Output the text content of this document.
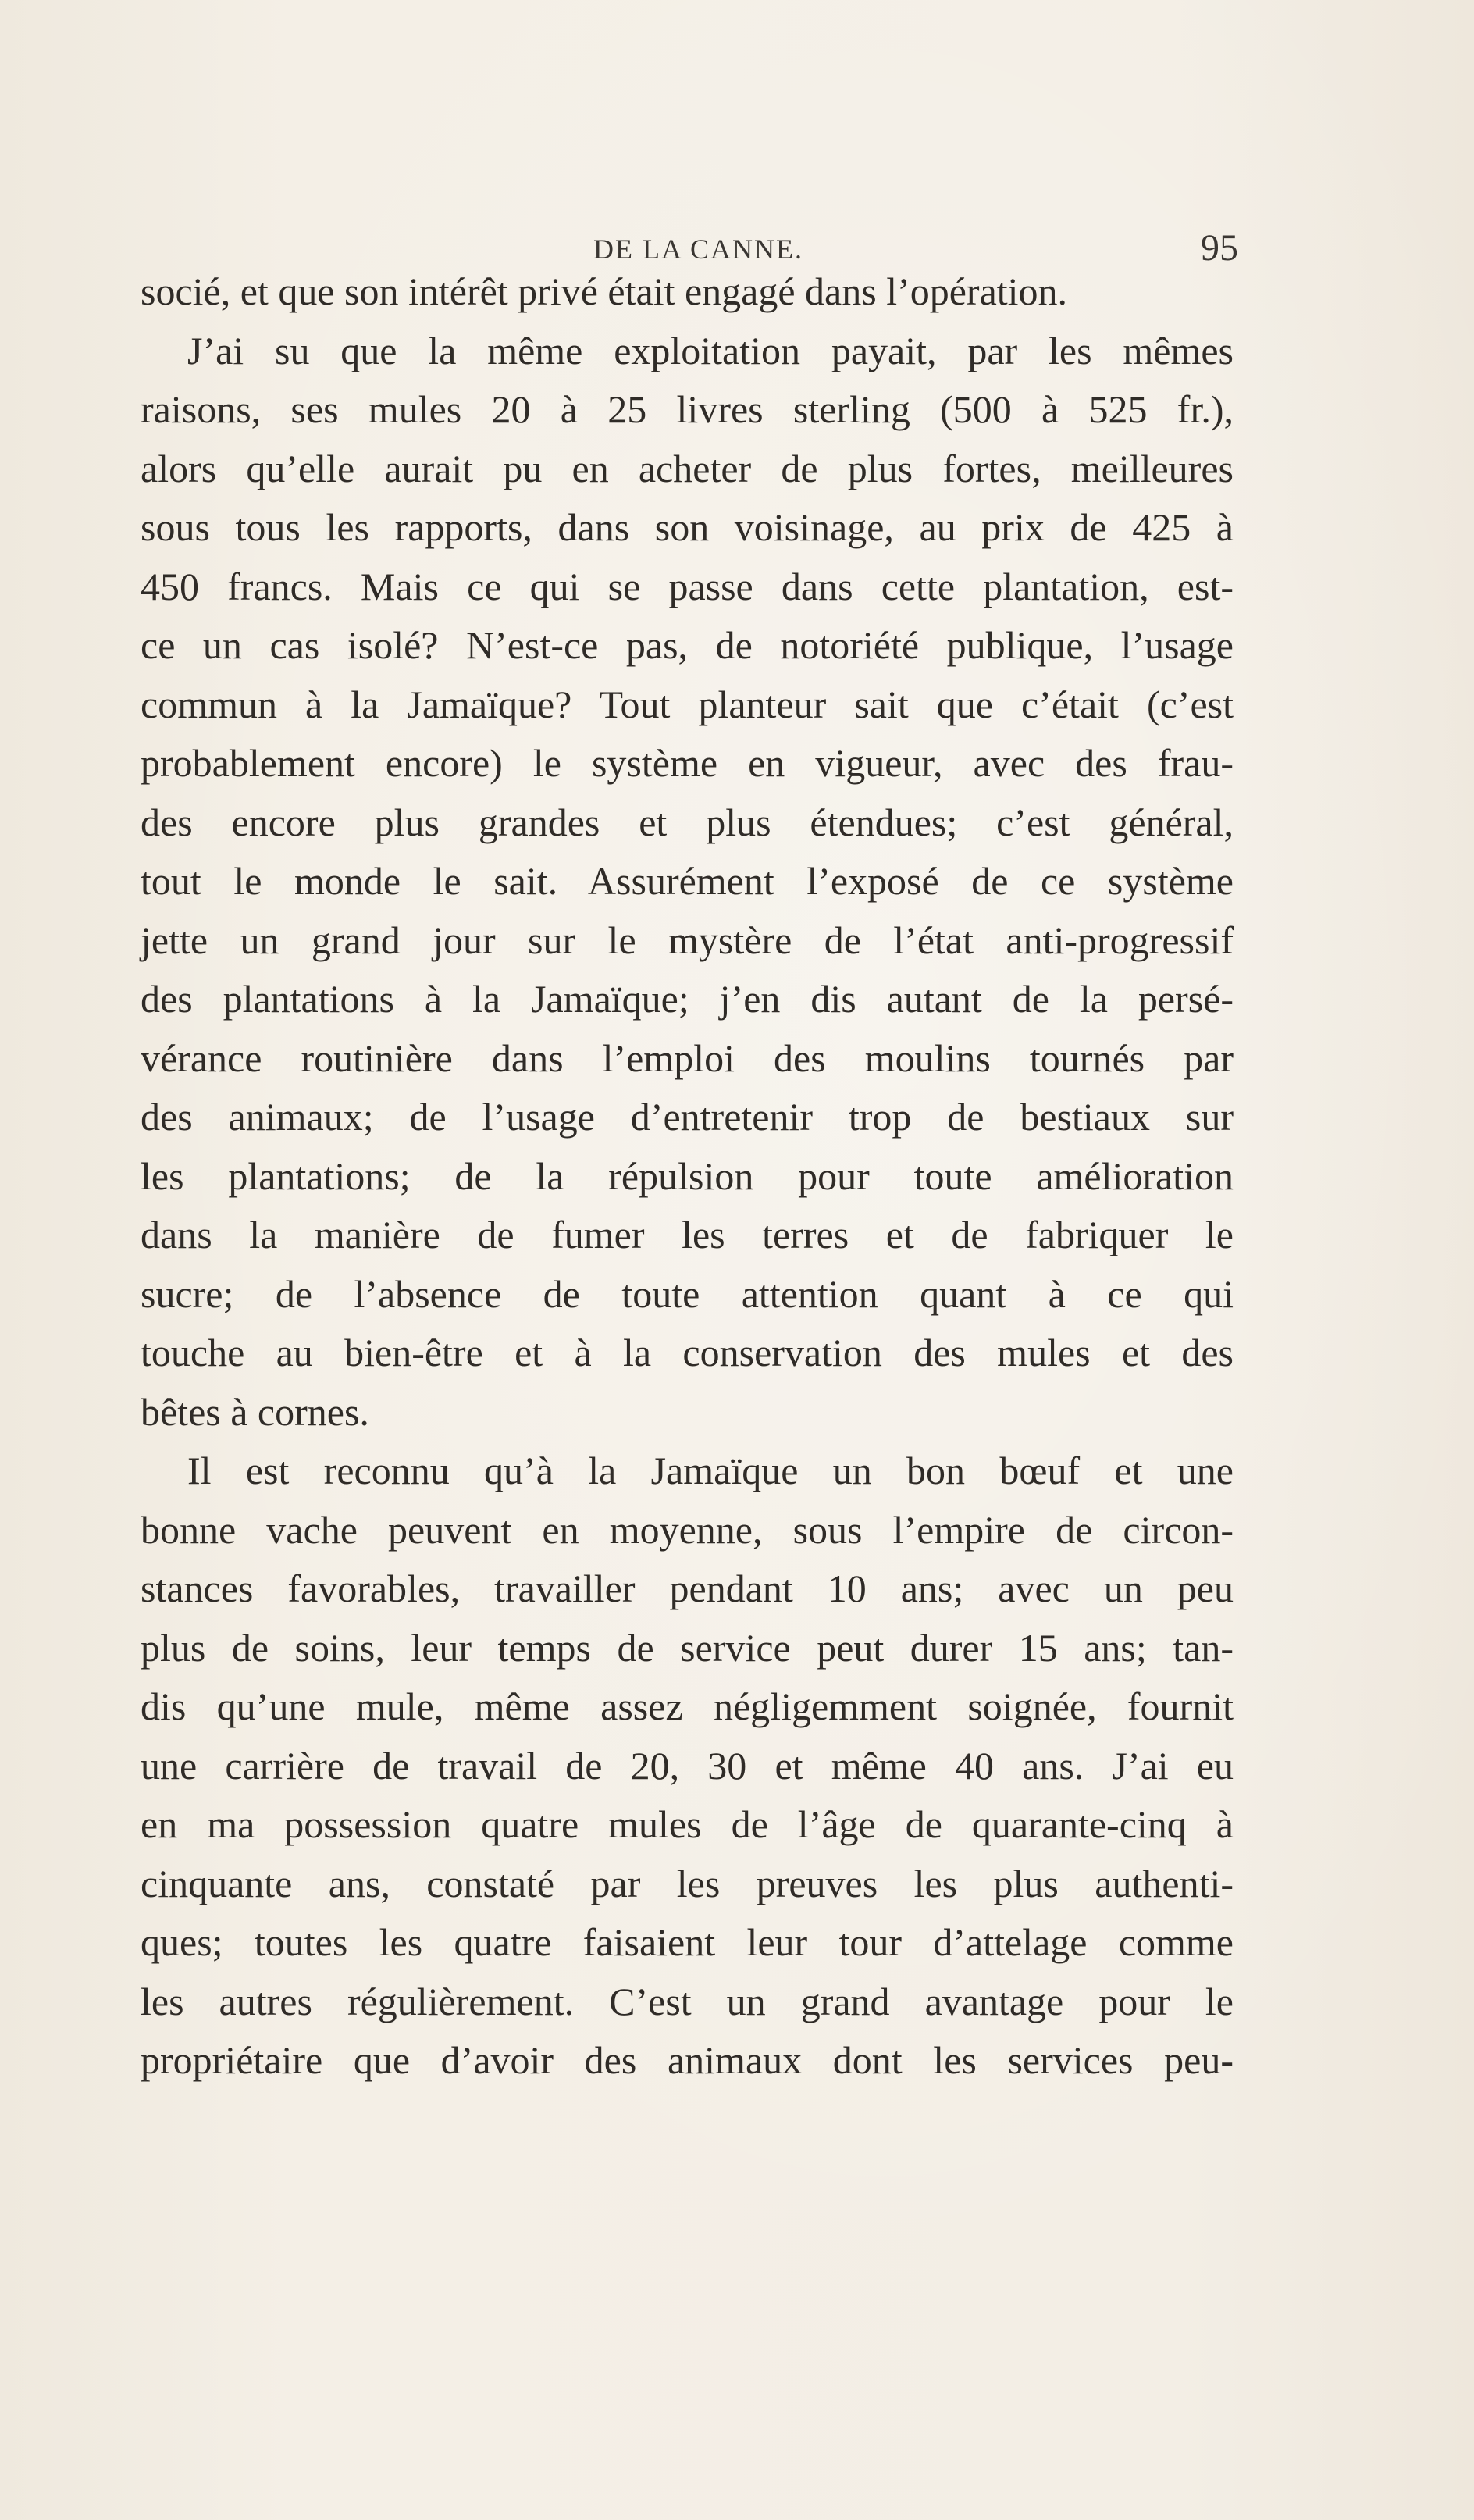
DE LA CANNE.	95
socié, et que son intérêt privé était engagé dans l’opération.
J’ai su que la même exploitation payait, par les mêmes
raisons, ses mules 20 à 25 livres sterling (500 à 525 fr.),
alors qu’elle aurait pu en acheter de plus fortes, meilleures
sous tous les rapports, dans son voisinage, au prix de 425 à
450 francs. Mais ce qui se passe dans cette plantation, est-
ce un cas isolé? N’est-ce pas, de notoriété publique, l’usage
commun à la Jamaïque? Tout planteur sait que c’était (c’est
probablement encore) le système en vigueur, avec des frau-
des encore plus grandes et plus étendues; c’est général,
tout le monde le sait. Assurément l’exposé de ce système
jette un grand jour sur le mystère de l’état anti-progressif
des plantations à la Jamaïque; j’en dis autant de la persé-
vérance routinière dans l’emploi des moulins tournés par
des animaux; de l’usage d’entretenir trop de bestiaux sur
les plantations; de la répulsion pour toute amélioration
dans la manière de fumer les terres et de fabriquer le
sucre; de l’absence de toute attention quant à ce qui
touche au bien-être et à la conservation des mules et des
bêtes à cornes.
Il est reconnu qu’à la Jamaïque un bon bœuf et une
bonne vache peuvent en moyenne, sous l’empire de circon-
stances favorables, travailler pendant 10 ans; avec un peu
plus de soins, leur temps de service peut durer 15 ans; tan-
dis qu’une mule, même assez négligemment soignée, fournit
une carrière de travail de 20, 30 et même 40 ans. J’ai eu
en ma possession quatre mules de l’âge de quarante-cinq à
cinquante ans, constaté par les preuves les plus authenti-
ques; toutes les quatre faisaient leur tour d’attelage comme
les autres régulièrement. C’est un grand avantage pour le
propriétaire que d’avoir des animaux dont les services peu-
